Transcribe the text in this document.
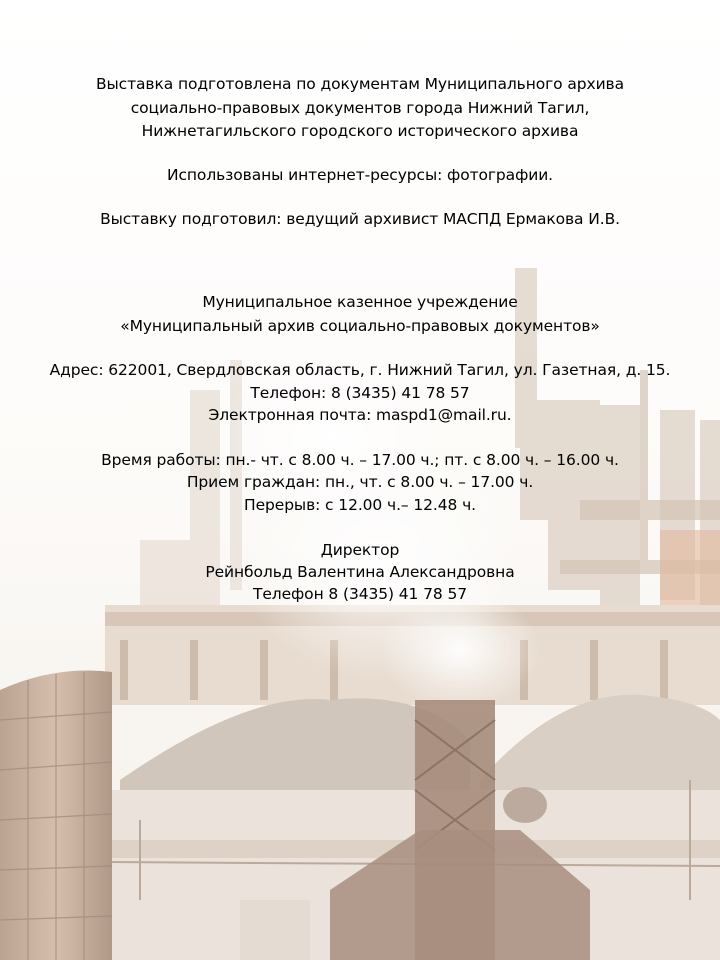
Выставка подготовлена по документам Муниципального архива
социально-правовых документов города Нижний Тагил,
Нижнетагильского городского исторического архива
Использованы интернет-ресурсы: фотографии.
Выставку подготовил: ведущий архивист МАСПД Ермакова И.В.
Муниципальное казенное учреждение
«Муниципальный архив социально-правовых документов»
Адрес: 622001, Свердловская область, г. Нижний Тагил, ул. Газетная, д. 15.
Телефон: 8 (3435) 41 78 57
Электронная почта: maspd1@mail.ru.
Время работы: пн.- чт. с 8.00 ч. – 17.00 ч.; пт. с 8.00 ч. – 16.00 ч.
Прием граждан: пн., чт. с 8.00 ч. – 17.00 ч.
Перерыв: с 12.00 ч.– 12.48 ч.
Директор
Рейнбольд Валентина Александровна
Телефон 8 (3435) 41 78 57
